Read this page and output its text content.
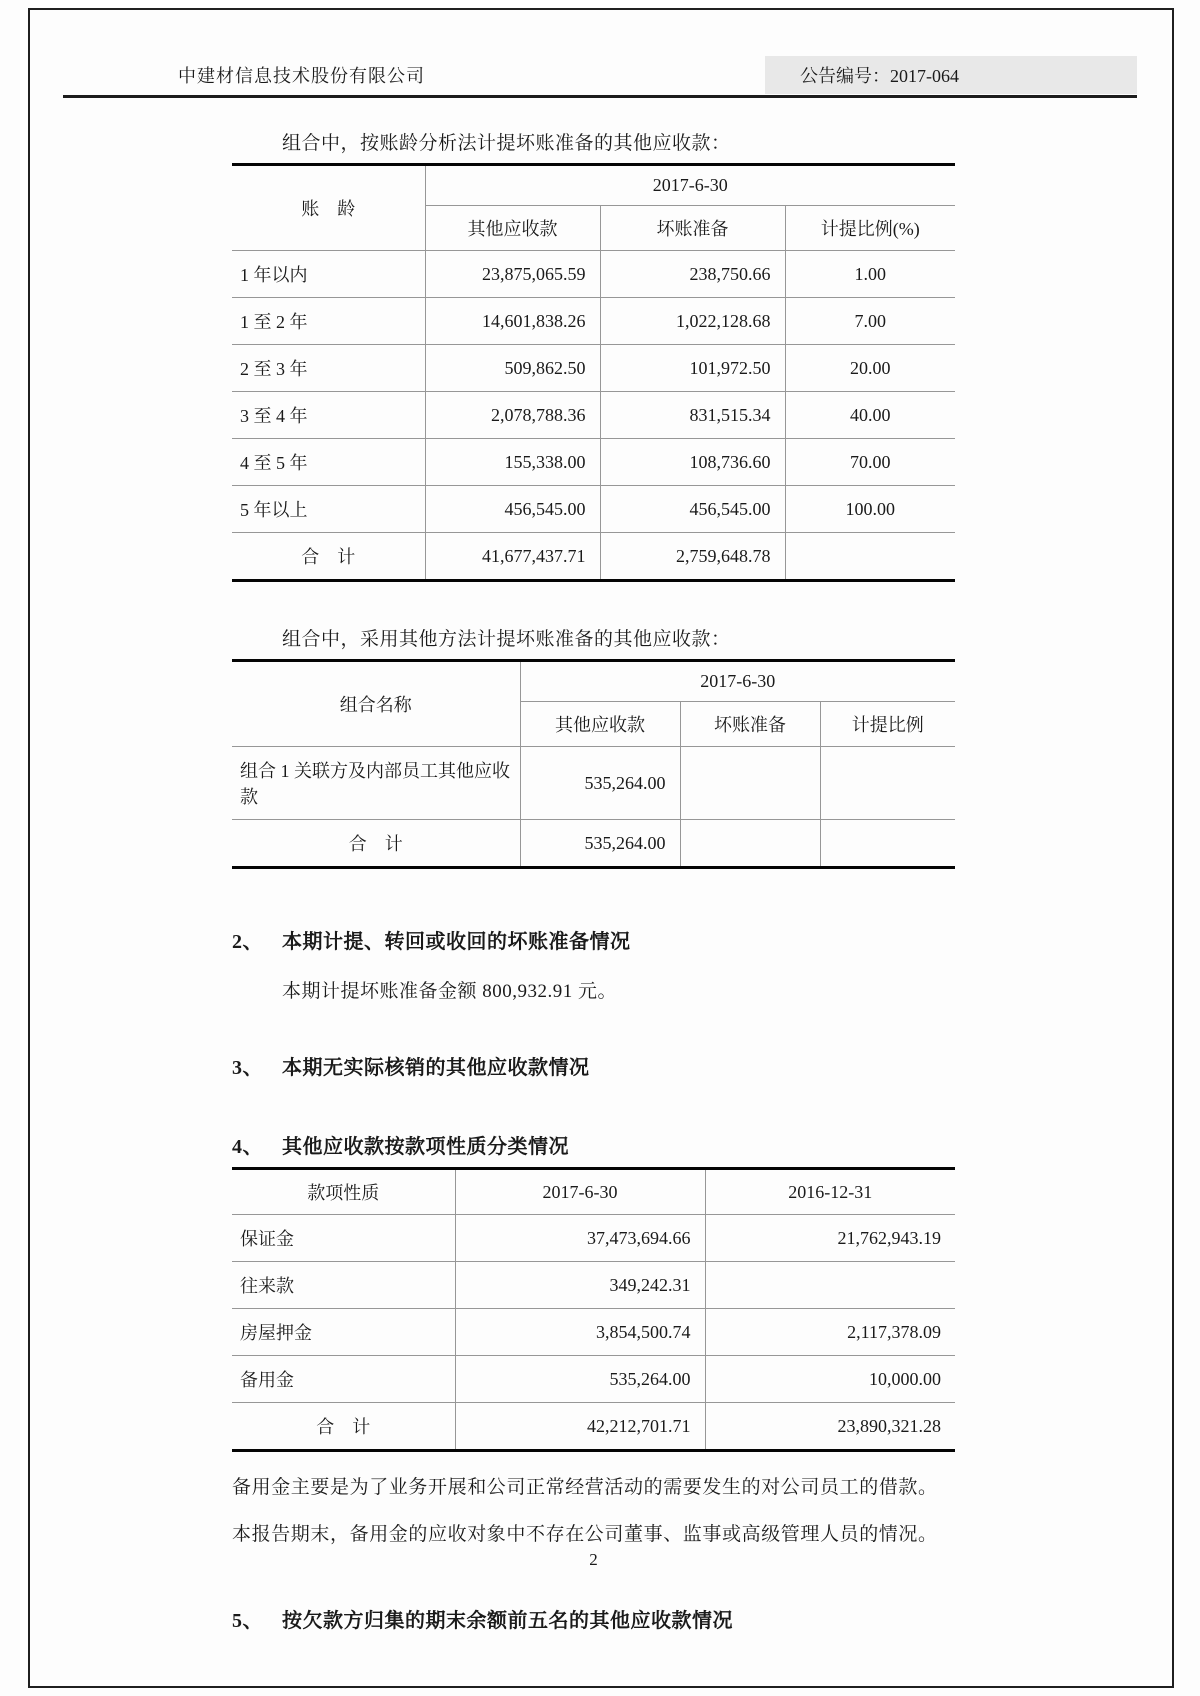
中建材信息技术股份有限公司	公告编号：2017-064
组合中，按账龄分析法计提坏账准备的其他应收款：
账　龄	2017-6-30		
	其他应收款	坏账准备	计提比例(%)
1 年以内	23,875,065.59	238,750.66	1.00
1 至 2 年	14,601,838.26	1,022,128.68	7.00
2 至 3 年	509,862.50	101,972.50	20.00
3 至 4 年	2,078,788.36	831,515.34	40.00
4 至 5 年	155,338.00	108,736.60	70.00
5 年以上	456,545.00	456,545.00	100.00
合　计	41,677,437.71	2,759,648.78	
组合中，采用其他方法计提坏账准备的其他应收款：
组合名称	2017-6-30		
	其他应收款	坏账准备	计提比例
组合 1 关联方及内部员工其他应收款	535,264.00		
合　计	535,264.00		
2、 本期计提、转回或收回的坏账准备情况
本期计提坏账准备金额 800,932.91 元。
3、 本期无实际核销的其他应收款情况
4、 其他应收款按款项性质分类情况
款项性质	2017-6-30	2016-12-31
保证金	37,473,694.66	21,762,943.19
往来款	349,242.31	
房屋押金	3,854,500.74	2,117,378.09
备用金	535,264.00	10,000.00
合　计	42,212,701.71	23,890,321.28

备用金主要是为了业务开展和公司正常经营活动的需要发生的对公司员工的借款。

本报告期末，备用金的应收对象中不存在公司董事、监事或高级管理人员的情况。

5、 按欠款方归集的期末余额前五名的其他应收款情况
2
